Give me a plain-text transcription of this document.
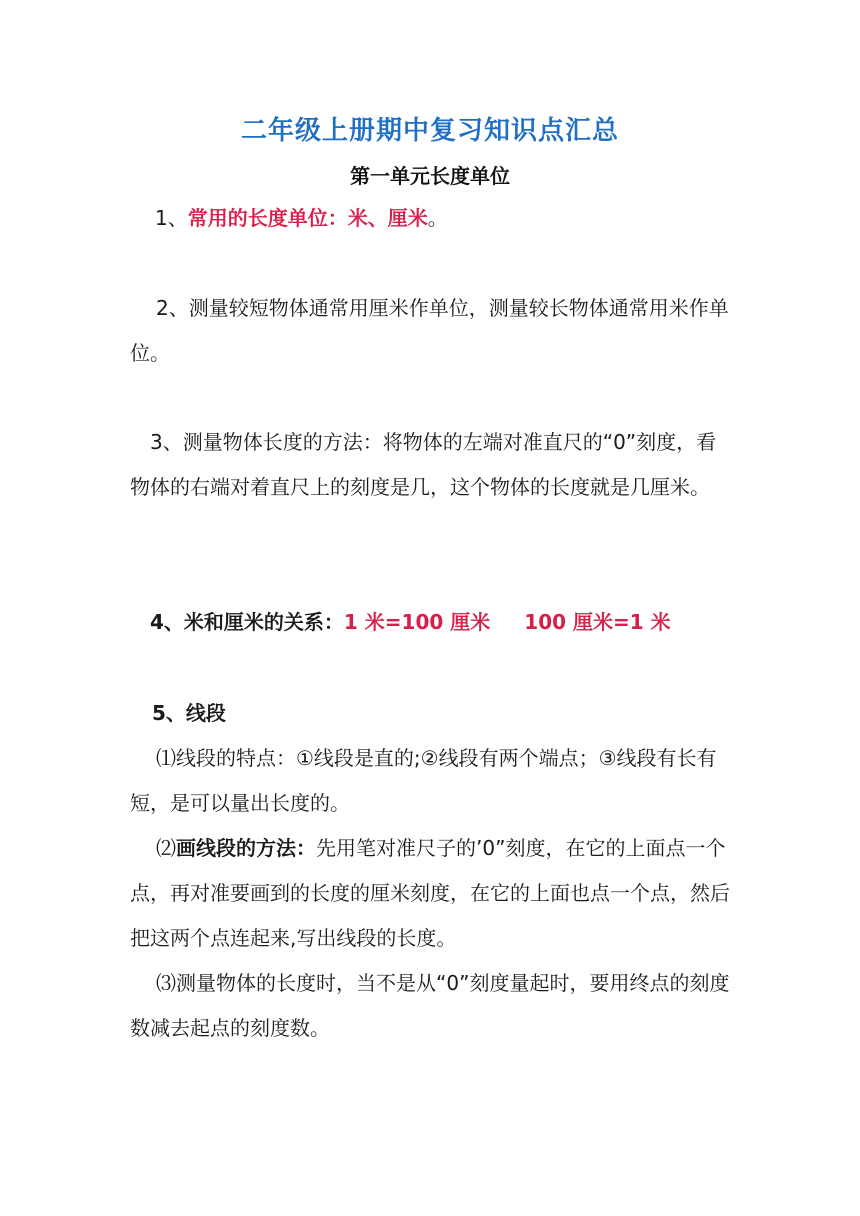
二年级上册期中复习知识点汇总
第一单元长度单位

1、常用的长度单位：米、厘米。

2、测量较短物体通常用厘米作单位，测量较长物体通常用米作单位。

3、测量物体长度的方法：将物体的左端对准直尺的“0”刻度，看物体的右端对着直尺上的刻度是几，这个物体的长度就是几厘米。

4、米和厘米的关系：1 米=100 厘米 100 厘米=1 米

5、线段

⑴线段的特点：①线段是直的;②线段有两个端点；③线段有长有短，是可以量出长度的。

⑵画线段的方法：先用笔对准尺子的’0”刻度，在它的上面点一个点，再对准要画到的长度的厘米刻度，在它的上面也点一个点，然后把这两个点连起来,写出线段的长度。

⑶测量物体的长度时，当不是从“0”刻度量起时，要用终点的刻度数减去起点的刻度数。
